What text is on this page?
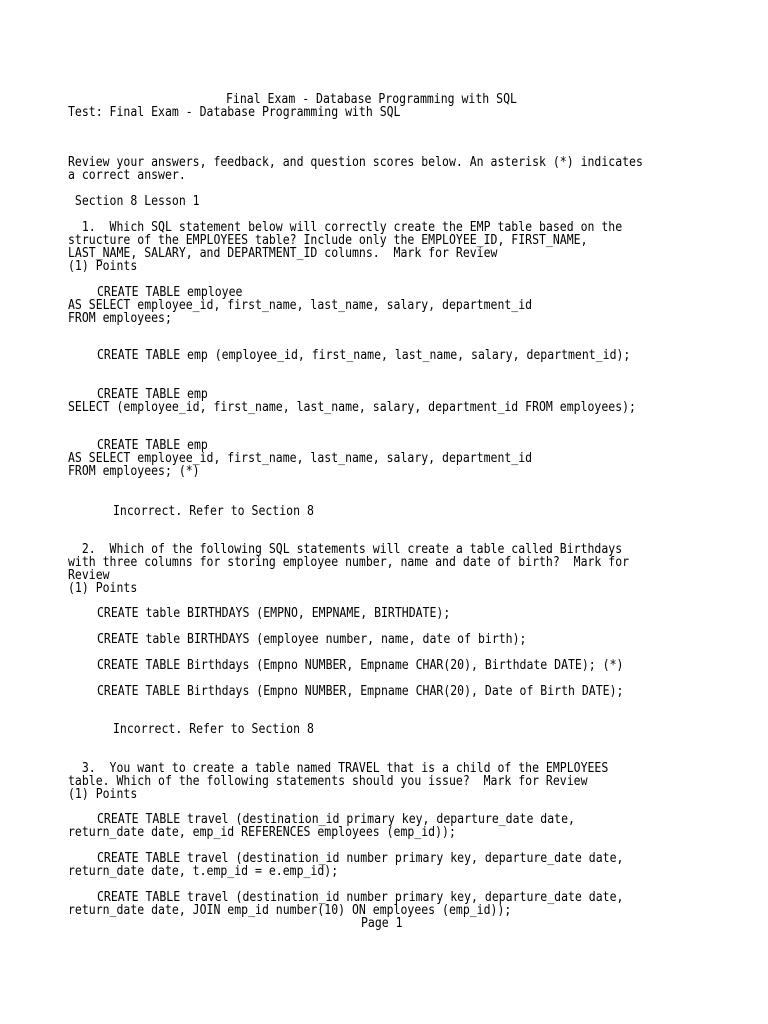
Final Exam - Database Programming with SQL
Test: Final Exam - Database Programming with SQL
Review your answers, feedback, and question scores below. An asterisk (*) indicates
a correct answer.
Section 8 Lesson 1
1.  Which SQL statement below will correctly create the EMP table based on the
structure of the EMPLOYEES table? Include only the EMPLOYEE_ID, FIRST_NAME,
LAST_NAME, SALARY, and DEPARTMENT_ID columns.  Mark for Review
(1) Points
CREATE TABLE employee
AS SELECT employee_id, first_name, last_name, salary, department_id
FROM employees;
CREATE TABLE emp (employee_id, first_name, last_name, salary, department_id);
CREATE TABLE emp
SELECT (employee_id, first_name, last_name, salary, department_id FROM employees);
CREATE TABLE emp
AS SELECT employee_id, first_name, last_name, salary, department_id
FROM employees; (*)
Incorrect. Refer to Section 8
2.  Which of the following SQL statements will create a table called Birthdays
with three columns for storing employee number, name and date of birth?  Mark for
Review
(1) Points
CREATE table BIRTHDAYS (EMPNO, EMPNAME, BIRTHDATE);
CREATE table BIRTHDAYS (employee number, name, date of birth);
CREATE TABLE Birthdays (Empno NUMBER, Empname CHAR(20), Birthdate DATE); (*)
CREATE TABLE Birthdays (Empno NUMBER, Empname CHAR(20), Date of Birth DATE);
Incorrect. Refer to Section 8
3.  You want to create a table named TRAVEL that is a child of the EMPLOYEES
table. Which of the following statements should you issue?  Mark for Review
(1) Points
CREATE TABLE travel (destination_id primary key, departure_date date,
return_date date, emp_id REFERENCES employees (emp_id));
CREATE TABLE travel (destination_id number primary key, departure_date date,
return_date date, t.emp_id = e.emp_id);
CREATE TABLE travel (destination_id number primary key, departure_date date,
return_date date, JOIN emp_id number(10) ON employees (emp_id));
Page 1
